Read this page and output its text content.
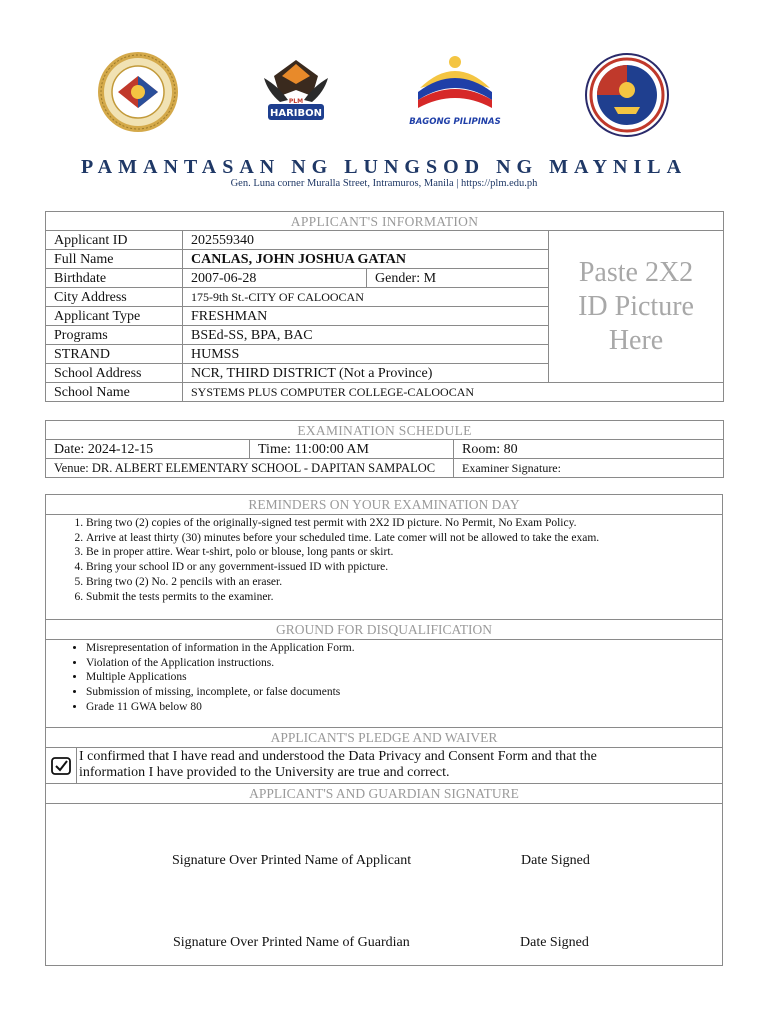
PLM
HARIBON
BAGONG PILIPINAS
PAMANTASAN NG LUNGSOD NG MAYNILA
Gen. Luna corner Muralla Street, Intramuros, Manila | https://plm.edu.ph
APPLICANT'S INFORMATION			
Applicant ID	202559340		Paste 2X2
ID Picture
Here
Full Name	CANLAS, JOHN JOSHUA GATAN		
Birthdate	2007-06-28	Gender: M	
City Address	175-9th St.-CITY OF CALOOCAN		
Applicant Type	FRESHMAN		
Programs	BSEd-SS, BPA, BAC		
STRAND	HUMSS		
School Address	NCR, THIRD DISTRICT (Not a Province)		
School Name	SYSTEMS PLUS COMPUTER COLLEGE-CALOOCAN		
EXAMINATION SCHEDULE		
Date: 2024-12-15	Time: 11:00:00 AM	Room: 80
Venue: DR. ALBERT ELEMENTARY SCHOOL - DAPITAN SAMPALOC		Examiner Signature:
REMINDERS ON YOUR EXAMINATION DAY
1. Bring two (2) copies of the originally-signed test permit with 2X2 ID picture. No Permit, No Exam Policy.
2. Arrive at least thirty (30) minutes before your scheduled time. Late comer will not be allowed to take the exam.
3. Be in proper attire. Wear t-shirt, polo or blouse, long pants or skirt.
4. Bring your school ID or any government-issued ID with ppicture.
5. Bring two (2) No. 2 pencils with an eraser.
6. Submit the tests permits to the examiner.
GROUND FOR DISQUALIFICATION
• Misrepresentation of information in the Application Form.
• Violation of the Application instructions.
• Multiple Applications
• Submission of missing, incomplete, or false documents
• Grade 11 GWA below 80
APPLICANT'S PLEDGE AND WAIVER
I confirmed that I have read and understood the Data Privacy and Consent Form and that the
information I have provided to the University are true and correct.
APPLICANT'S AND GUARDIAN SIGNATURE
Signature Over Printed Name of Applicant	Date Signed
Signature Over Printed Name of Guardian	Date Signed
